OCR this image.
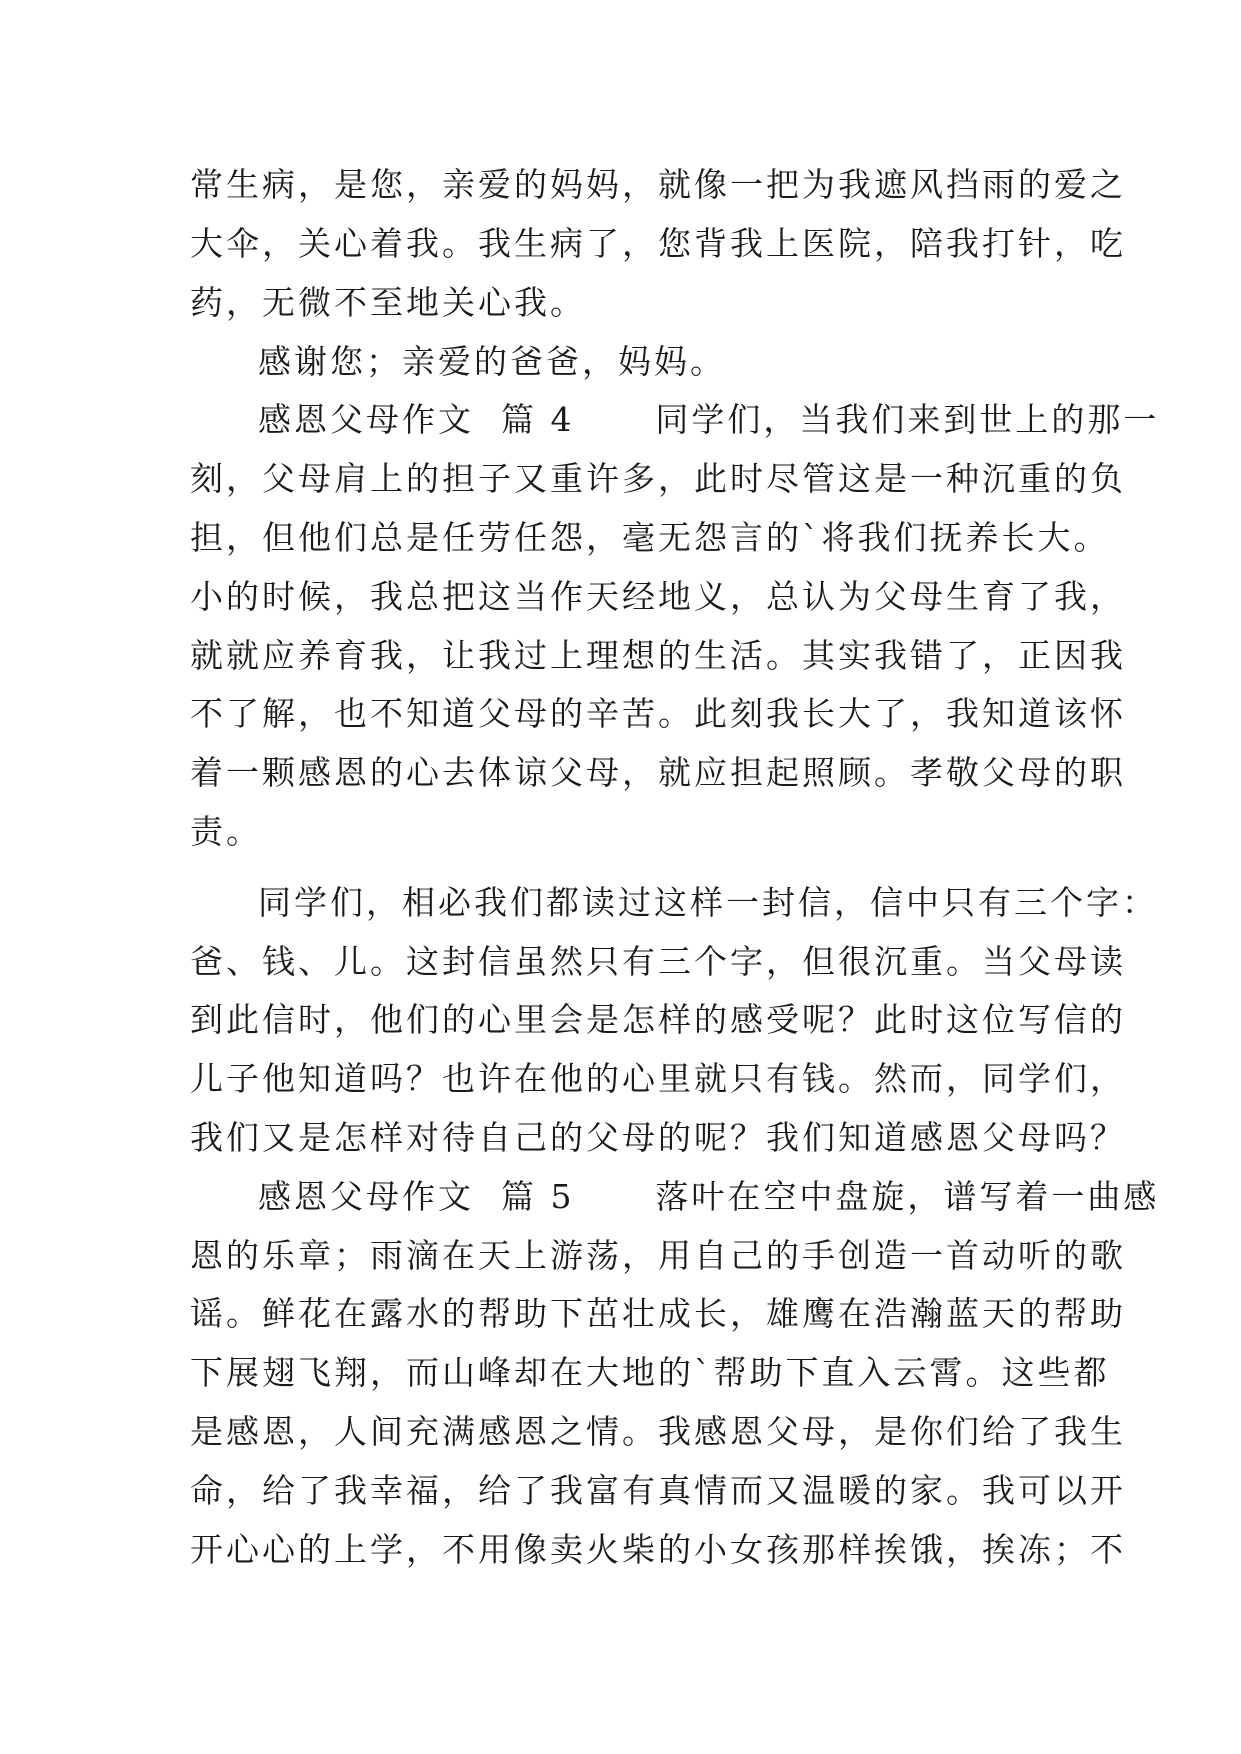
常生病，是您，亲爱的妈妈，就像一把为我遮风挡雨的爱之
大伞，关心着我。我生病了，您背我上医院，陪我打针，吃
药，无微不至地关心我。
感谢您；亲爱的爸爸，妈妈。
感恩父母作文  篇 4      同学们，当我们来到世上的那一
刻，父母肩上的担子又重许多，此时尽管这是一种沉重的负
担，但他们总是任劳任怨，毫无怨言的`将我们抚养长大。
小的时候，我总把这当作天经地义，总认为父母生育了我，
就就应养育我，让我过上理想的生活。其实我错了，正因我
不了解，也不知道父母的辛苦。此刻我长大了，我知道该怀
着一颗感恩的心去体谅父母，就应担起照顾。孝敬父母的职
责。
同学们，相必我们都读过这样一封信，信中只有三个字：
爸、钱、儿。这封信虽然只有三个字，但很沉重。当父母读
到此信时，他们的心里会是怎样的感受呢？此时这位写信的
儿子他知道吗？也许在他的心里就只有钱。然而，同学们，
我们又是怎样对待自己的父母的呢？我们知道感恩父母吗？
感恩父母作文  篇 5      落叶在空中盘旋，谱写着一曲感
恩的乐章；雨滴在天上游荡，用自己的手创造一首动听的歌
谣。鲜花在露水的帮助下茁壮成长，雄鹰在浩瀚蓝天的帮助
下展翅飞翔，而山峰却在大地的`帮助下直入云霄。这些都
是感恩，人间充满感恩之情。我感恩父母，是你们给了我生
命，给了我幸福，给了我富有真情而又温暖的家。我可以开
开心心的上学，不用像卖火柴的小女孩那样挨饿，挨冻；不
